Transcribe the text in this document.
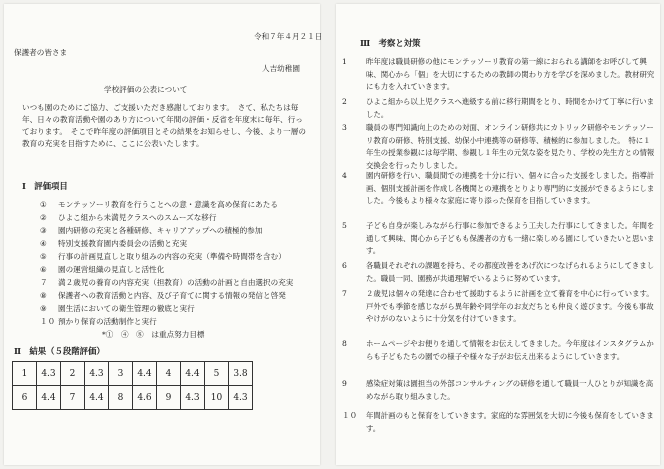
令和７年４月２１日
保護者の皆さま
人吉幼稚園
学校評価の公表について
いつも園のためにご協力、ご支援いただき感謝しております。　さて、私たちは毎年、日々の教育活動や園のあり方について年間の評価・反省を年度末に毎年、行っております。　そこで昨年度の評価項目とその結果をお知らせし、今後、より一層の教育の充実を目指すために、ここに公表いたします。
Ⅰ　評価項目
① モンテッソーリ教育を行うことへの意・意識を高め保育にあたる
② ひよこ組から未満児クラスへのスムーズな移行
③ 園内研修の充実と各種研修、キャリアアップへの積極的参加
④ 特別支援教育園内委員会の活動と充実
⑤ 行事の計画見直しと取り組みの内容の充実（準備や時間帯を含む）
⑥ 園の運営組織の見直しと活性化
７ 満２歳児の養育の内容充実（担教育）の活動の計画と自由選択の充実
⑧ 保護者への教育活動と内容、及び子育てに関する情報の発信と啓発
⑨ 園生活においての衛生管理の徹底と実行
１０ 預かり保育の活動制作と実行
*①　④　⑧　は重点努力目標
Ⅱ　結果（５段階評価）
1	4.3	2	4.3	3	4.4	4	4.4	5	3.8
6	4.4	7	4.4	8	4.6	9	4.3	10	4.3
Ⅲ　考察と対策
1	昨年度は職員研修の他にモンテッソーリ教育の第一線におられる講師をお呼びして興味、関心から「個」を大切にするための教師の関わり方を学びを深めました。教材研究にも力を入れていきます。
2	ひよこ組から以上児クラスへ進級する前に移行期間をとり、時間をかけて丁寧に行いました。
3	職員の専門知識向上のための対面、オンライン研修共にカトリック研修やモンテッソーリ教育の研修、特別支援、幼保小中連携等の研修等、積極的に参加しました。　特に１年生の授業参観には毎学期、参観し１年生の元気な姿を見たり、学校の先生方との情報交換会を行ったりしました。
4	園内研修を行い、職員間での連携を十分に行い、個々に合った支援をしました。指導計画、個別支援計画を作成し各機関との連携をとりより専門的に支援ができるようにしました。今後もより様々な家庭に寄り添った保育を目指していきます。
5	子ども自身が楽しみながら行事に参加できるよう工夫した行事にしてきました。年間を通して興味、関心から子どもも保護者の方も一緒に楽しめる園にしていきたいと思います。
6	各職員それぞれの課題を持ち、その都度改善をあげ次につなげられるようにしてきました。職員一同、園務が共通理解でいるように努めています。
7	２歳児は個々の発達に合わせて援助するように計画を立て養育を中心に行っています。戸外でも季節を感じながら異年齢や同学年のお友だちとも仲良く遊びます。今後も事故やけがのないように十分気を付けていきます。
8	ホームページやお便りを通して情報をお伝えしてきました。今年度はインスタグラムからも子どもたちの園での様子や様々な子がお伝え出来るようにしていきます。
9	感染症対策は園担当の外部コンサルティングの研修を通して職員一人ひとりが知識を高めながら取り組みました。
１０ 年間計画のもと保育をしていきます。家庭的な雰囲気を大切に今後も保育をしていきます。
